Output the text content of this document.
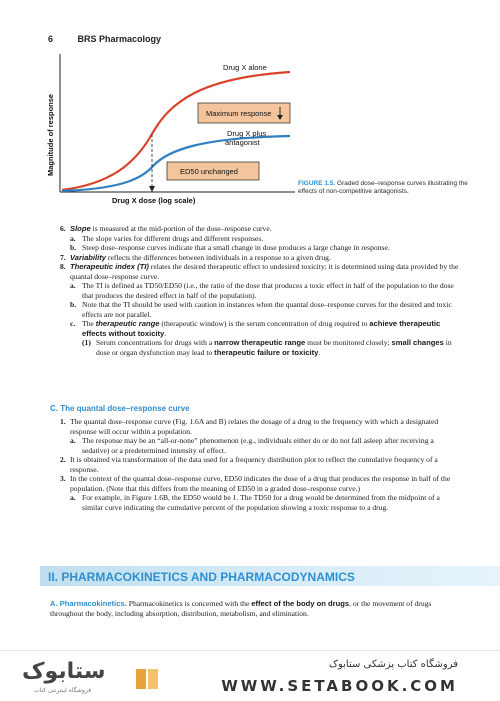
6	BRS Pharmacology
Magnitude of response
Drug X dose (log scale)
Drug X alone
Drug X plus
antagonist
Maximum response
ED50 unchanged
FIGURE 1.5. Graded dose–response curves illustrating the effects of non-competitive antagonists.
6. Slope is measured at the mid-portion of the dose–response curve.
a. The slope varies for different drugs and different responses.
b. Steep dose–response curves indicate that a small change in dose produces a large change in response.
7. Variability reflects the differences between individuals in a response to a given drug.
8. Therapeutic index (TI) relates the desired therapeutic effect to undesired toxicity; it is determined using data provided by the quantal dose–response curve.
a. The TI is defined as TD50/ED50 (i.e., the ratio of the dose that produces a toxic effect in half of the population to the dose that produces the desired effect in half of the population).
b. Note that the TI should be used with caution in instances when the quantal dose–response curves for the desired and toxic effects are not parallel.
c. The therapeutic range (therapeutic window) is the serum concentration of drug required to achieve therapeutic effects without toxicity.
(1) Serum concentrations for drugs with a narrow therapeutic range must be monitored closely; small changes in dose or organ dysfunction may lead to therapeutic failure or toxicity.
C. The quantal dose–response curve
1. The quantal dose–response curve (Fig. 1.6A and B) relates the dosage of a drug to the frequency with which a designated response will occur within a population.
a. The response may be an “all-or-none” phenomenon (e.g., individuals either do or do not fall asleep after receiving a sedative) or a predetermined intensity of effect.
2. It is obtained via transformation of the data used for a frequency distribution plot to reflect the cumulative frequency of a response.
3. In the context of the quantal dose–response curve, ED50 indicates the dose of a drug that produces the response in half of the population. (Note that this differs from the meaning of ED50 in a graded dose–response curve.)
a. For example, in Figure 1.6B, the ED50 would be 1. The TD50 for a drug would be determined from the midpoint of a similar curve indicating the cumulative percent of the population showing a toxic response to a drug.
II. PHARMACOKINETICS AND PHARMACODYNAMICS
A. Pharmacokinetics. Pharmacokinetics is concerned with the effect of the body on drugs, or the movement of drugs throughout the body, including absorption, distribution, metabolism, and elimination.
ستابوک
فروشگاه اینترنتی کتاب
فروشگاه کتاب پزشکی ستابوک
WWW.SETABOOK.COM
